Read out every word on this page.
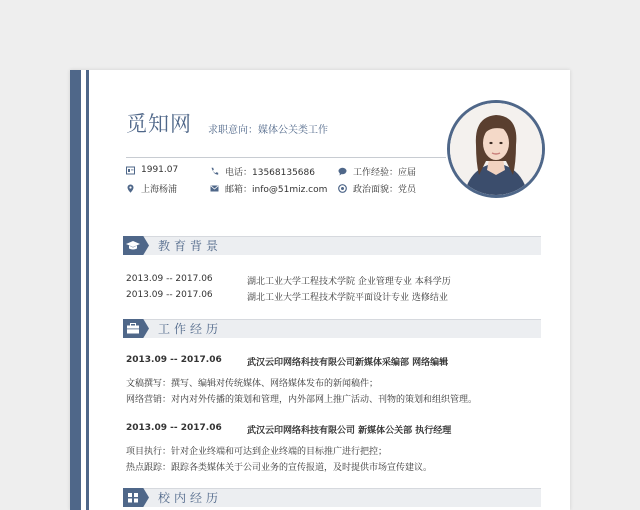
觅知网 求职意向：媒体公关类工作
1991.07	电话：13568135686	工作经验：应届
上海杨浦	邮箱：info@51miz.com	政治面貌：党员
教育背景
2013.09 -- 2017.06	湖北工业大学工程技术学院 企业管理专业 本科学历
2013.09 -- 2017.06	湖北工业大学工程技术学院平面设计专业 选修结业
工作经历
2013.09 -- 2017.06	武汉云印网络科技有限公司新媒体采编部 网络编辑
文稿撰写：撰写、编辑对传统媒体、网络媒体发布的新闻稿件；
网络营销：对内对外传播的策划和管理，内外部网上推广活动、刊物的策划和组织管理。
2013.09 -- 2017.06	武汉云印网络科技有限公司 新媒体公关部 执行经理
项目执行：针对企业终端和可达到企业终端的目标推广进行把控；
热点跟踪：跟踪各类媒体关于公司业务的宣传报道，及时提供市场宣传建议。
校内经历
